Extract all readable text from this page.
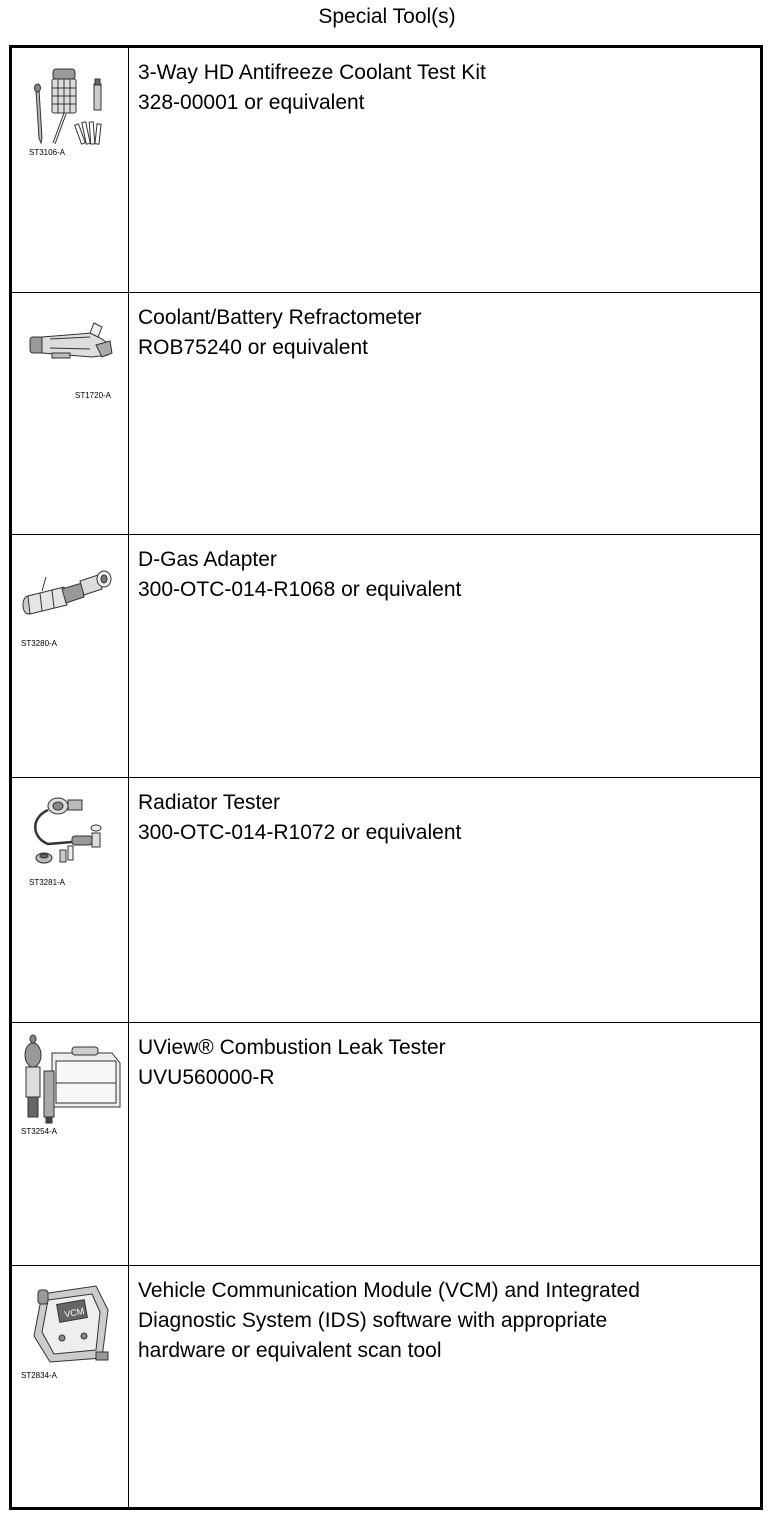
Special Tool(s)
ST3106-A
3-Way HD Antifreeze Coolant Test Kit
328-00001 or equivalent
ST1720-A
Coolant/Battery Refractometer
ROB75240 or equivalent
ST3280-A
D-Gas Adapter
300-OTC-014-R1068 or equivalent
ST3281-A
Radiator Tester
300-OTC-014-R1072 or equivalent
ST3254-A
UView® Combustion Leak Tester
UVU560000-R
VCM
ST2834-A
Vehicle Communication Module (VCM) and Integrated
Diagnostic System (IDS) software with appropriate
hardware or equivalent scan tool
